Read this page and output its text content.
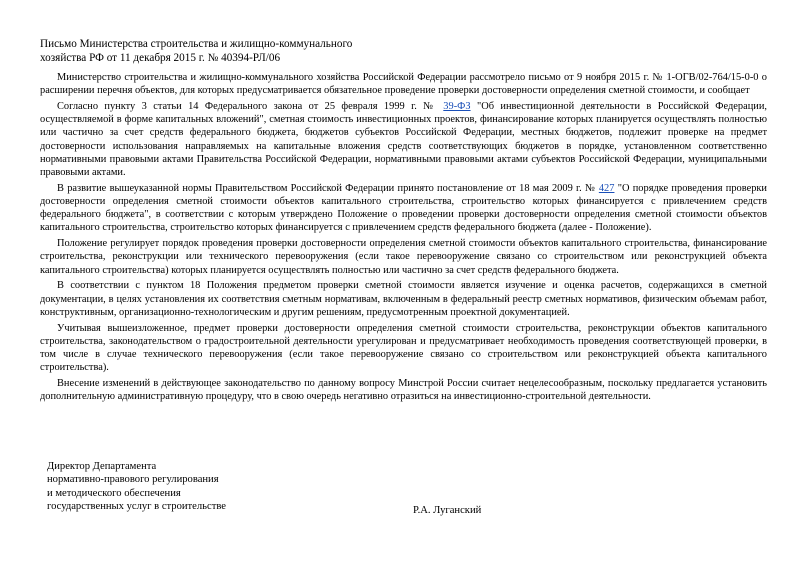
Письмо Министерства строительства и жилищно-коммунального
хозяйства РФ от 11 декабря 2015 г. № 40394-РЛ/06

Министерство строительства и жилищно-коммунального хозяйства Российской Федерации рассмотрело письмо от 9 ноября 2015 г. № 1-ОГВ/02-764/15-0-0 о расширении перечня объектов, для которых предусматривается обязательное проведение проверки достоверности определения сметной стоимости, и сообщает

Согласно пункту 3 статьи 14 Федерального закона от 25 февраля 1999 г. № 39-ФЗ "Об инвестиционной деятельности в Российской Федерации, осуществляемой в форме капитальных вложений", сметная стоимость инвестиционных проектов, финансирование которых планируется осуществлять полностью или частично за счет средств федерального бюджета, бюджетов субъектов Российской Федерации, местных бюджетов, подлежит проверке на предмет достоверности использования направляемых на капитальные вложения средств соответствующих бюджетов в порядке, установленном соответственно нормативными правовыми актами Правительства Российской Федерации, нормативными правовыми актами субъектов Российской Федерации, муниципальными правовыми актами.

В развитие вышеуказанной нормы Правительством Российской Федерации принято постановление от 18 мая 2009 г. № 427 "О порядке проведения проверки достоверности определения сметной стоимости объектов капитального строительства, строительство которых финансируется с привлечением средств федерального бюджета", в соответствии с которым утверждено Положение о проведении проверки достоверности определения сметной стоимости объектов капитального строительства, строительство которых финансируется с привлечением средств федерального бюджета (далее - Положение).

Положение регулирует порядок проведения проверки достоверности определения сметной стоимости объектов капитального строительства, финансирование строительства, реконструкции или технического перевооружения (если такое перевооружение связано со строительством или реконструкцией объекта капитального строительства) которых планируется осуществлять полностью или частично за счет средств федерального бюджета.

В соответствии с пунктом 18 Положения предметом проверки сметной стоимости является изучение и оценка расчетов, содержащихся в сметной документации, в целях установления их соответствия сметным нормативам, включенным в федеральный реестр сметных нормативов, физическим объемам работ, конструктивным, организационно-технологическим и другим решениям, предусмотренным проектной документацией.

Учитывая вышеизложенное, предмет проверки достоверности определения сметной стоимости строительства, реконструкции объектов капитального строительства, законодательством о градостроительной деятельности урегулирован и предусматривает необходимость проведения соответствующей проверки, в том числе в случае технического перевооружения (если такое перевооружение связано со строительством или реконструкцией объекта капитального строительства).

Внесение изменений в действующее законодательство по данному вопросу Минстрой России считает нецелесообразным, поскольку предлагается установить дополнительную административную процедуру, что в свою очередь негативно отразиться на инвестиционно-строительной деятельности.

Директор Департамента
нормативно-правового регулирования
и методического обеспечения
государственных услуг в строительстве	Р.А. Луганский
